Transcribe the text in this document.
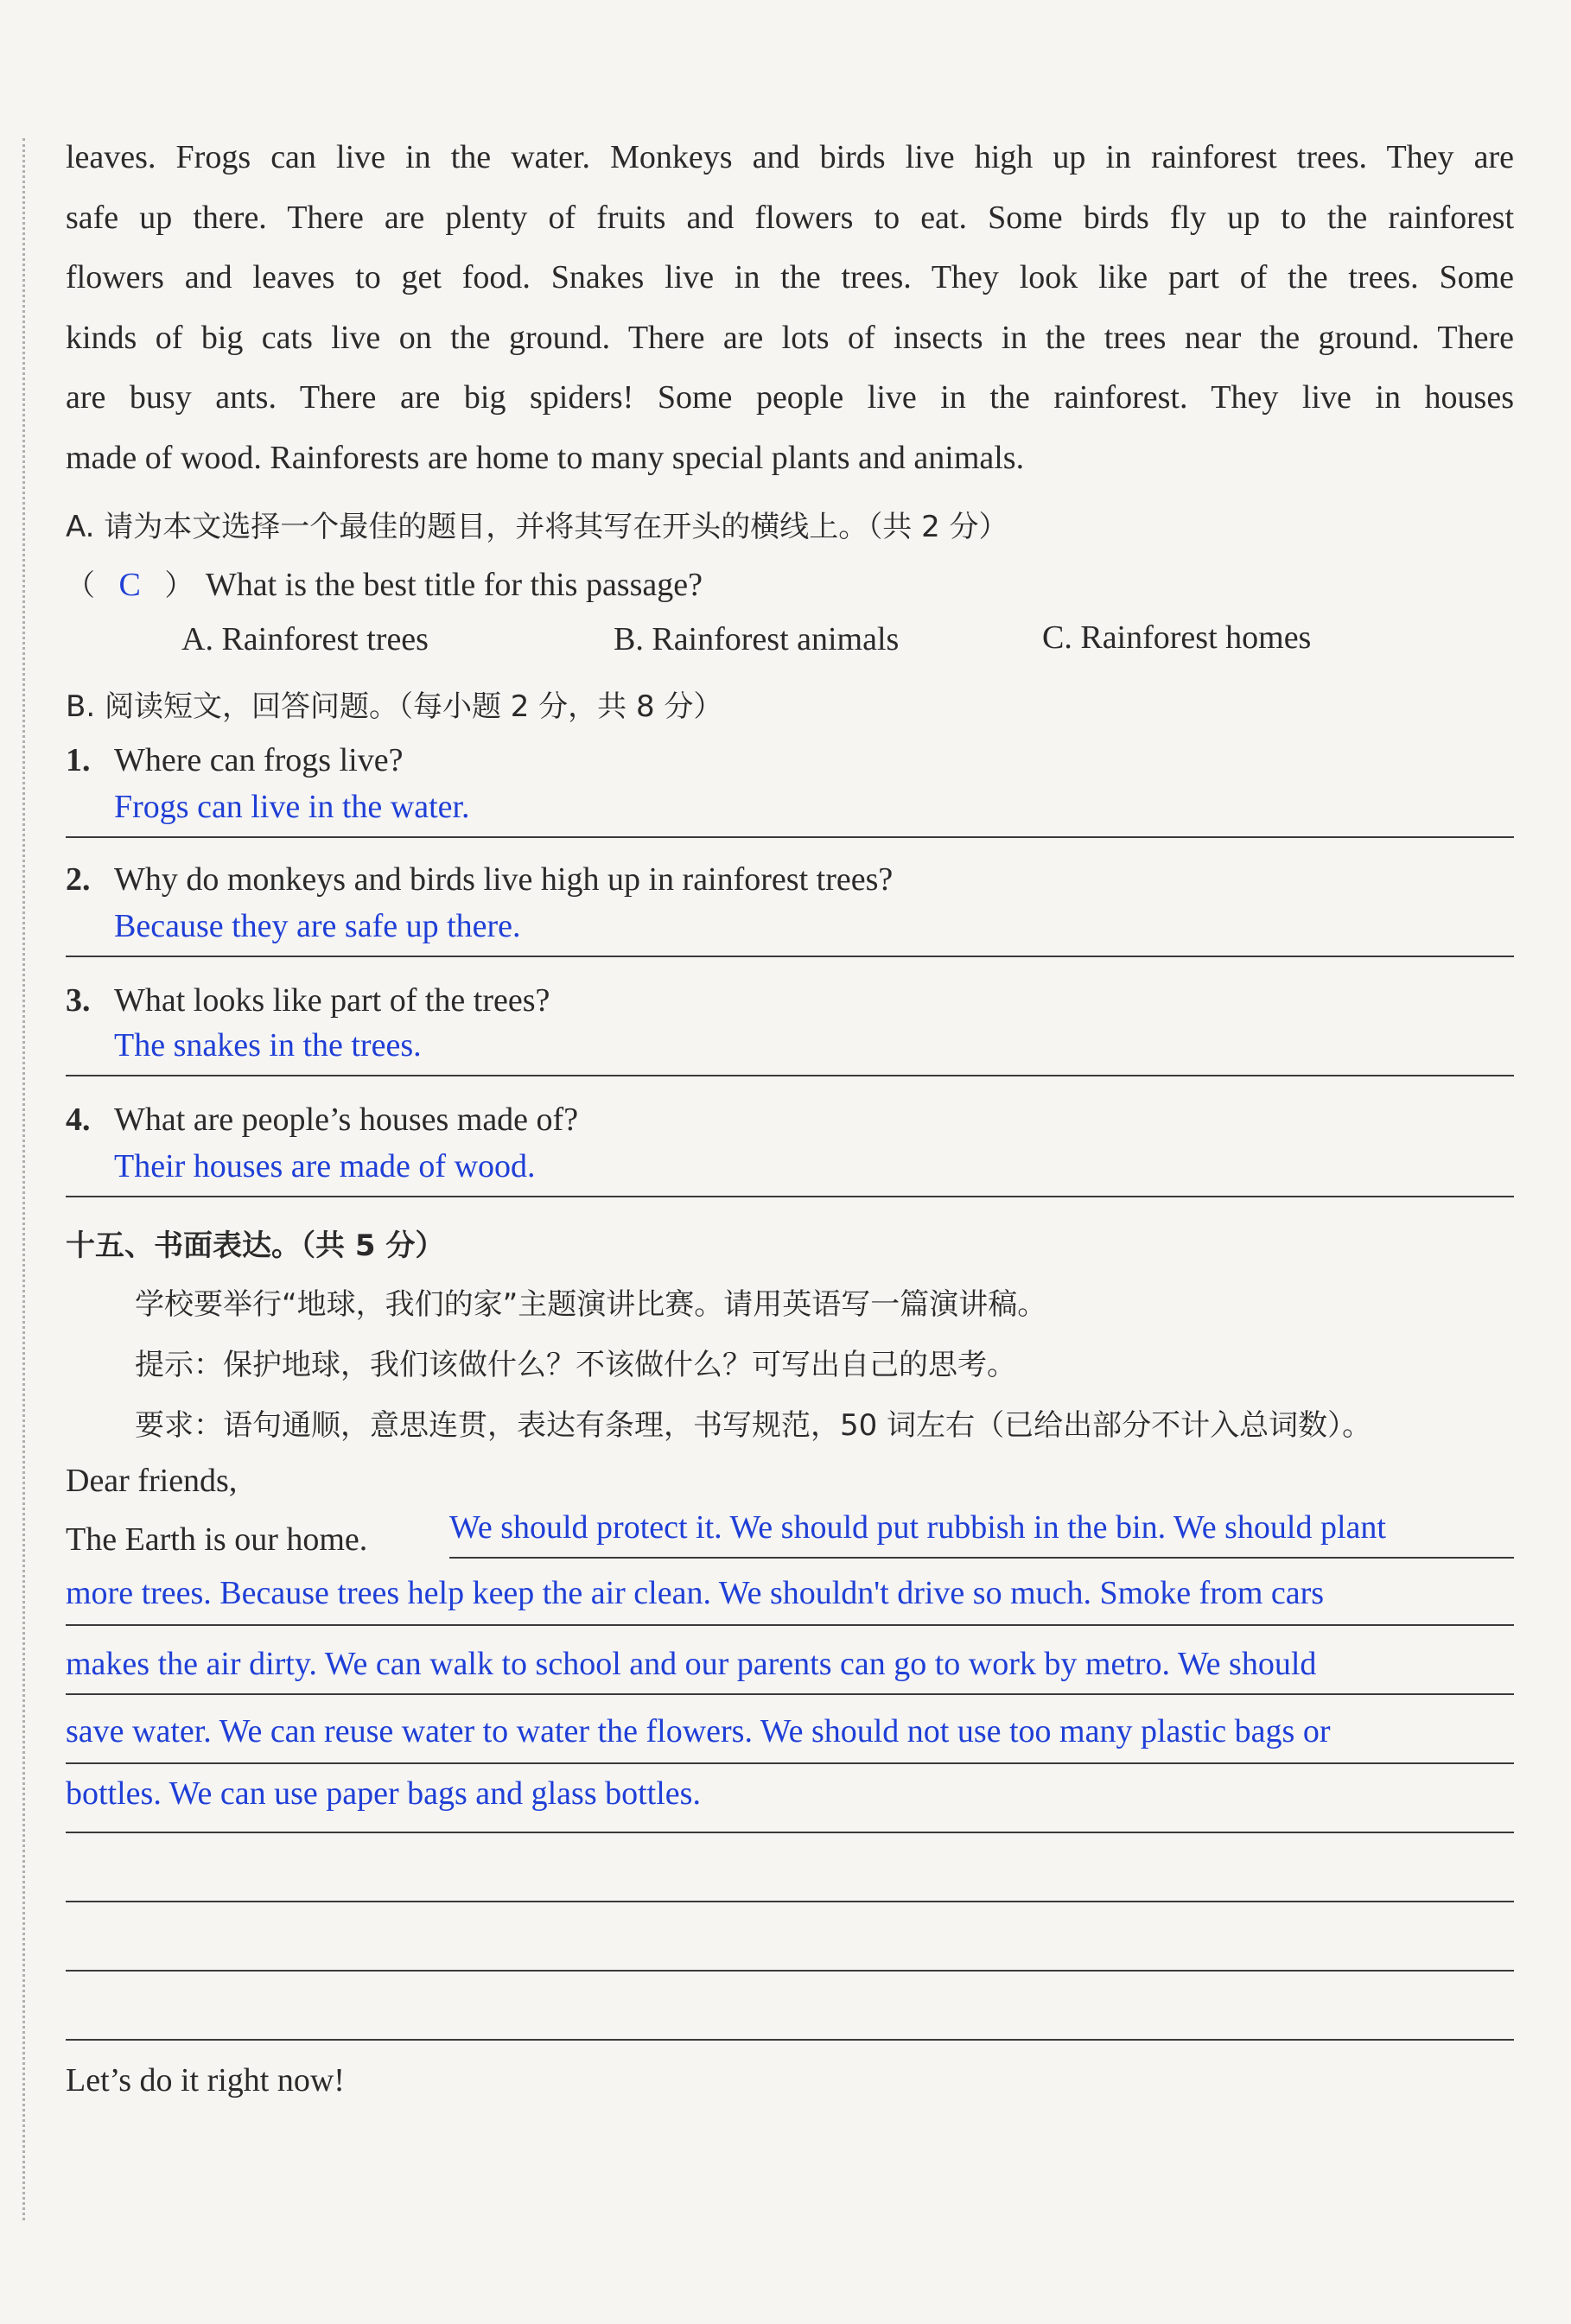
leaves. Frogs can live in the water. Monkeys and birds live high up in rainforest trees. They are
safe up there. There are plenty of fruits and flowers to eat. Some birds fly up to the rainforest
flowers and leaves to get food. Snakes live in the trees. They look like part of the trees. Some
kinds of big cats live on the ground. There are lots of insects in the trees near the ground. There
are busy ants. There are big spiders! Some people live in the rainforest. They live in houses
made of wood. Rainforests are home to many special plants and animals.
A. 请为本文选择一个最佳的题目，并将其写在开头的横线上。（共 2 分）
（ C ） What is the best title for this passage?
A. Rainforest trees	B. Rainforest animals	C. Rainforest homes
B. 阅读短文，回答问题。（每小题 2 分，共 8 分）
1. Where can frogs live?
Frogs can live in the water.
2. Why do monkeys and birds live high up in rainforest trees?
Because they are safe up there.
3. What looks like part of the trees?
The snakes in the trees.
4. What are people’s houses made of?
Their houses are made of wood.
十五、书面表达。（共 5 分）
学校要举行“地球，我们的家”主题演讲比赛。请用英语写一篇演讲稿。
提示：保护地球，我们该做什么？不该做什么？可写出自己的思考。
要求：语句通顺，意思连贯，表达有条理，书写规范，50 词左右（已给出部分不计入总词数）。
Dear friends,
The Earth is our home. We should protect it. We should put rubbish in the bin. We should plant
more trees. Because trees help keep the air clean. We shouldn't drive so much. Smoke from cars
makes the air dirty. We can walk to school and our parents can go to work by metro. We should
save water. We can reuse water to water the flowers. We should not use too many plastic bags or
bottles. We can use paper bags and glass bottles.
Let’s do it right now!
